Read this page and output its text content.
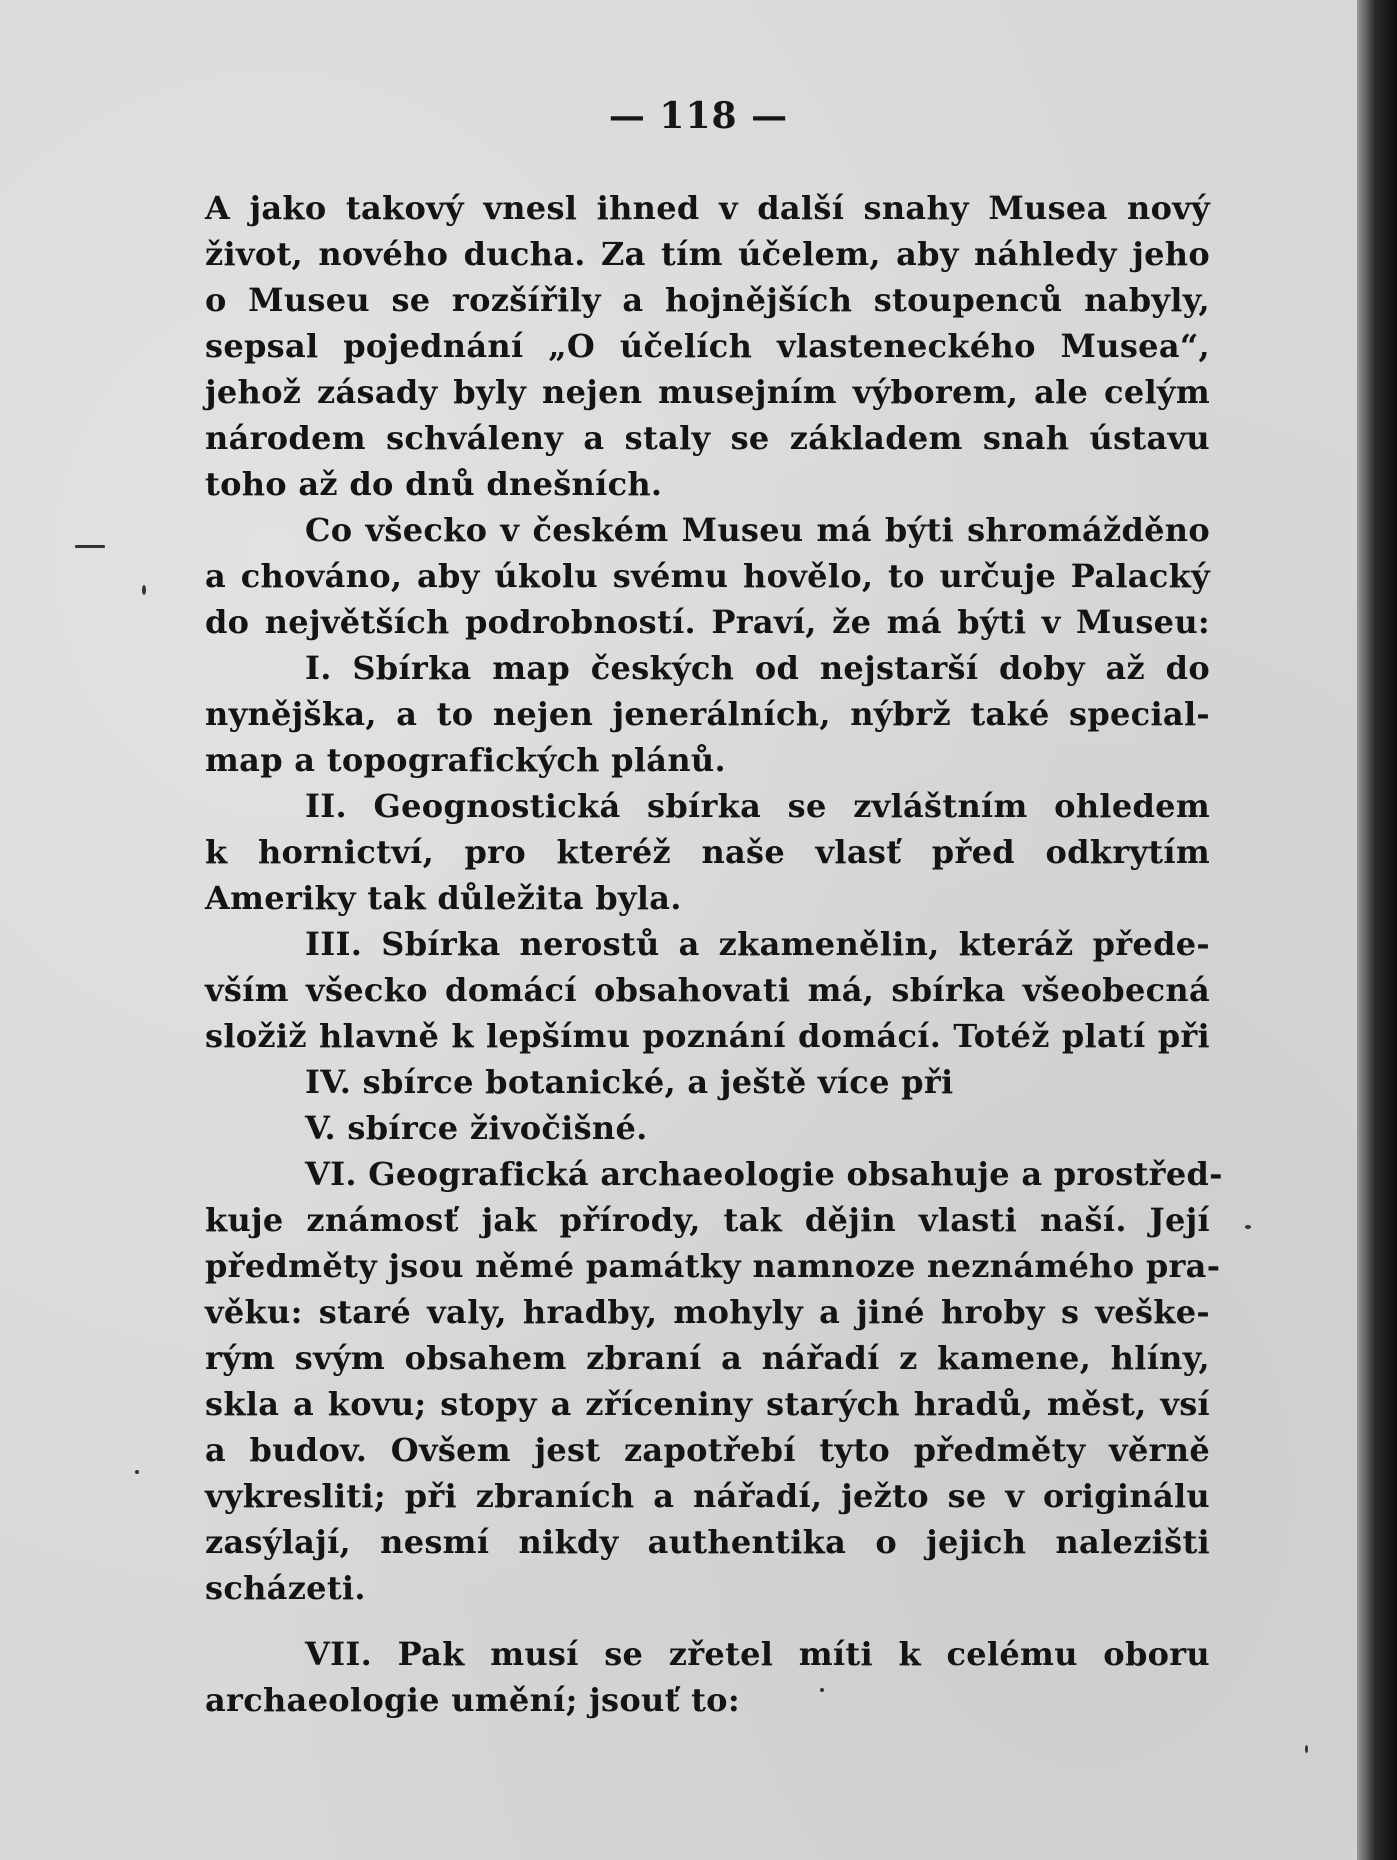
— 118 —
A jako takový vnesl ihned v další snahy Musea nový
život, nového ducha. Za tím účelem, aby náhledy jeho
o Museu se rozšířily a hojnějších stoupenců nabyly,
sepsal pojednání „O účelích vlasteneckého Musea“,
jehož zásady byly nejen musejním výborem, ale celým
národem schváleny a staly se základem snah ústavu
toho až do dnů dnešních.
Co všecko v českém Museu má býti shromážděno
a chováno, aby úkolu svému hovělo, to určuje Palacký
do největších podrobností. Praví, že má býti v Museu:
I. Sbírka map českých od nejstarší doby až do
nynějška, a to nejen jenerálních, nýbrž také special-
map a topografických plánů.
II. Geognostická sbírka se zvláštním ohledem
k hornictví, pro kteréž naše vlasť před odkrytím
Ameriky tak důležita byla.
III. Sbírka nerostů a zkamenělin, kteráž přede-
vším všecko domácí obsahovati má, sbírka všeobecná
složiž hlavně k lepšímu poznání domácí. Totéž platí při
IV. sbírce botanické, a ještě více při
V. sbírce živočišné.
VI. Geografická archaeologie obsahuje a prostřed-
kuje známosť jak přírody, tak dějin vlasti naší. Její
předměty jsou němé památky namnoze neznámého pra-
věku: staré valy, hradby, mohyly a jiné hroby s veške-
rým svým obsahem zbraní a nářadí z kamene, hlíny,
skla a kovu; stopy a zříceniny starých hradů, měst, vsí
a budov. Ovšem jest zapotřebí tyto předměty věrně
vykresliti; při zbraních a nářadí, ježto se v originálu
zasýlají, nesmí nikdy authentika o jejich nalezišti
scházeti.
VII. Pak musí se zřetel míti k celému oboru
archaeologie umění; jsouť to:
